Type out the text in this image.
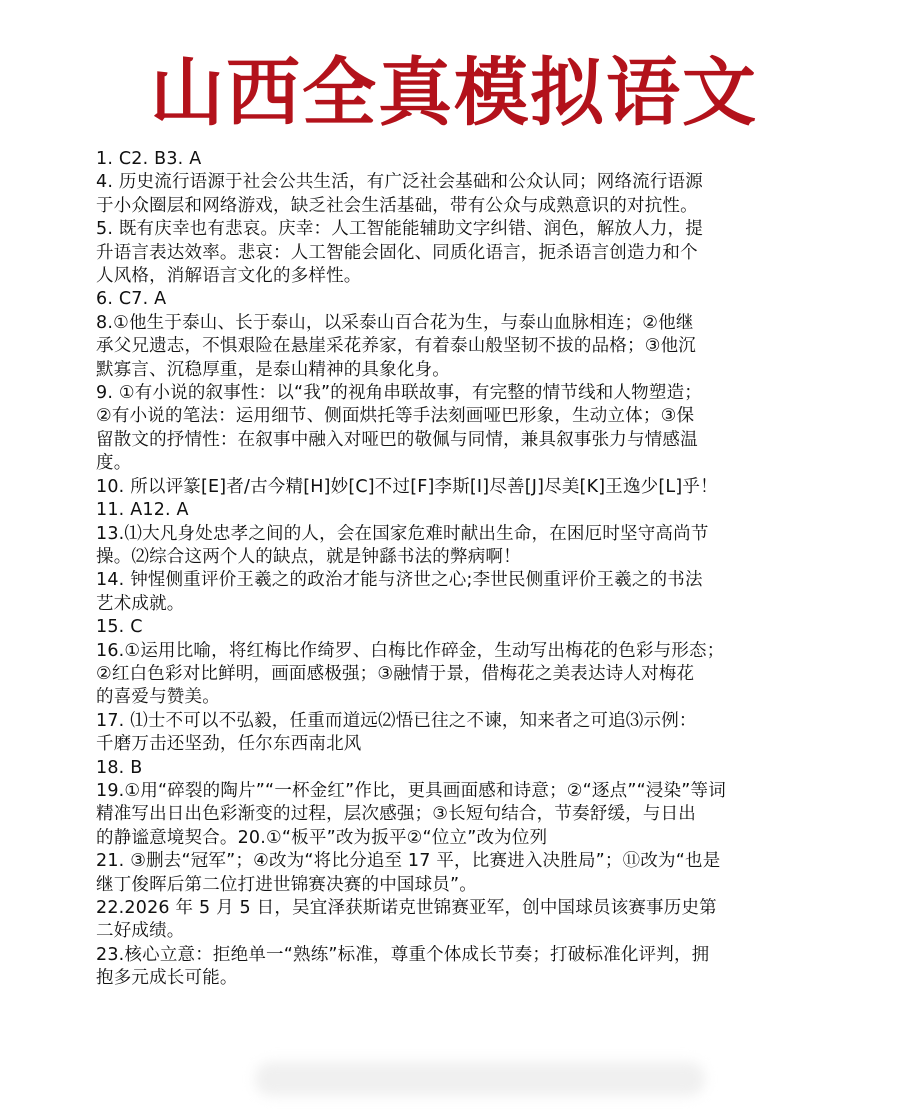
山西全真模拟语文
1. C2. B3. A
4. 历史流行语源于社会公共生活，有广泛社会基础和公众认同；网络流行语源
于小众圈层和网络游戏，缺乏社会生活基础，带有公众与成熟意识的对抗性。
5. 既有庆幸也有悲哀。庆幸：人工智能能辅助文字纠错、润色，解放人力，提
升语言表达效率。悲哀：人工智能会固化、同质化语言，扼杀语言创造力和个
人风格，消解语言文化的多样性。
6. C7. A
8.①他生于泰山、长于泰山，以采泰山百合花为生，与泰山血脉相连；②他继
承父兄遗志，不惧艰险在悬崖采花养家，有着泰山般坚韧不拔的品格；③他沉
默寡言、沉稳厚重，是泰山精神的具象化身。
9. ①有小说的叙事性：以“我”的视角串联故事，有完整的情节线和人物塑造；
②有小说的笔法：运用细节、侧面烘托等手法刻画哑巴形象，生动立体；③保
留散文的抒情性：在叙事中融入对哑巴的敬佩与同情，兼具叙事张力与情感温
度。
10. 所以评篆[E]者/古今精[H]妙[C]不过[F]李斯[I]尽善[J]尽美[K]王逸少[L]乎！
11. A12. A
13.⑴大凡身处忠孝之间的人，会在国家危难时献出生命，在困厄时坚守高尚节
操。⑵综合这两个人的缺点，就是钟繇书法的弊病啊！
14. 钟惺侧重评价王羲之的政治才能与济世之心;李世民侧重评价王羲之的书法
艺术成就。
15. C
16.①运用比喻，将红梅比作绮罗、白梅比作碎金，生动写出梅花的色彩与形态；
②红白色彩对比鲜明，画面感极强；③融情于景，借梅花之美表达诗人对梅花
的喜爱与赞美。
17. ⑴士不可以不弘毅，任重而道远⑵悟已往之不谏，知来者之可追⑶示例：
千磨万击还坚劲，任尔东西南北风
18. B
19.①用“碎裂的陶片”“一杯金红”作比，更具画面感和诗意；②“逐点”“浸染”等词
精准写出日出色彩渐变的过程，层次感强；③长短句结合，节奏舒缓，与日出
的静谧意境契合。20.①“板平”改为扳平②“位立”改为位列
21. ③删去“冠军”；④改为“将比分追至 17 平，比赛进入决胜局”；⑪改为“也是
继丁俊晖后第二位打进世锦赛决赛的中国球员”。
22.2026 年 5 月 5 日，吴宜泽获斯诺克世锦赛亚军，创中国球员该赛事历史第
二好成绩。
23.核心立意：拒绝单一“熟练”标准，尊重个体成长节奏；打破标准化评判，拥
抱多元成长可能。
